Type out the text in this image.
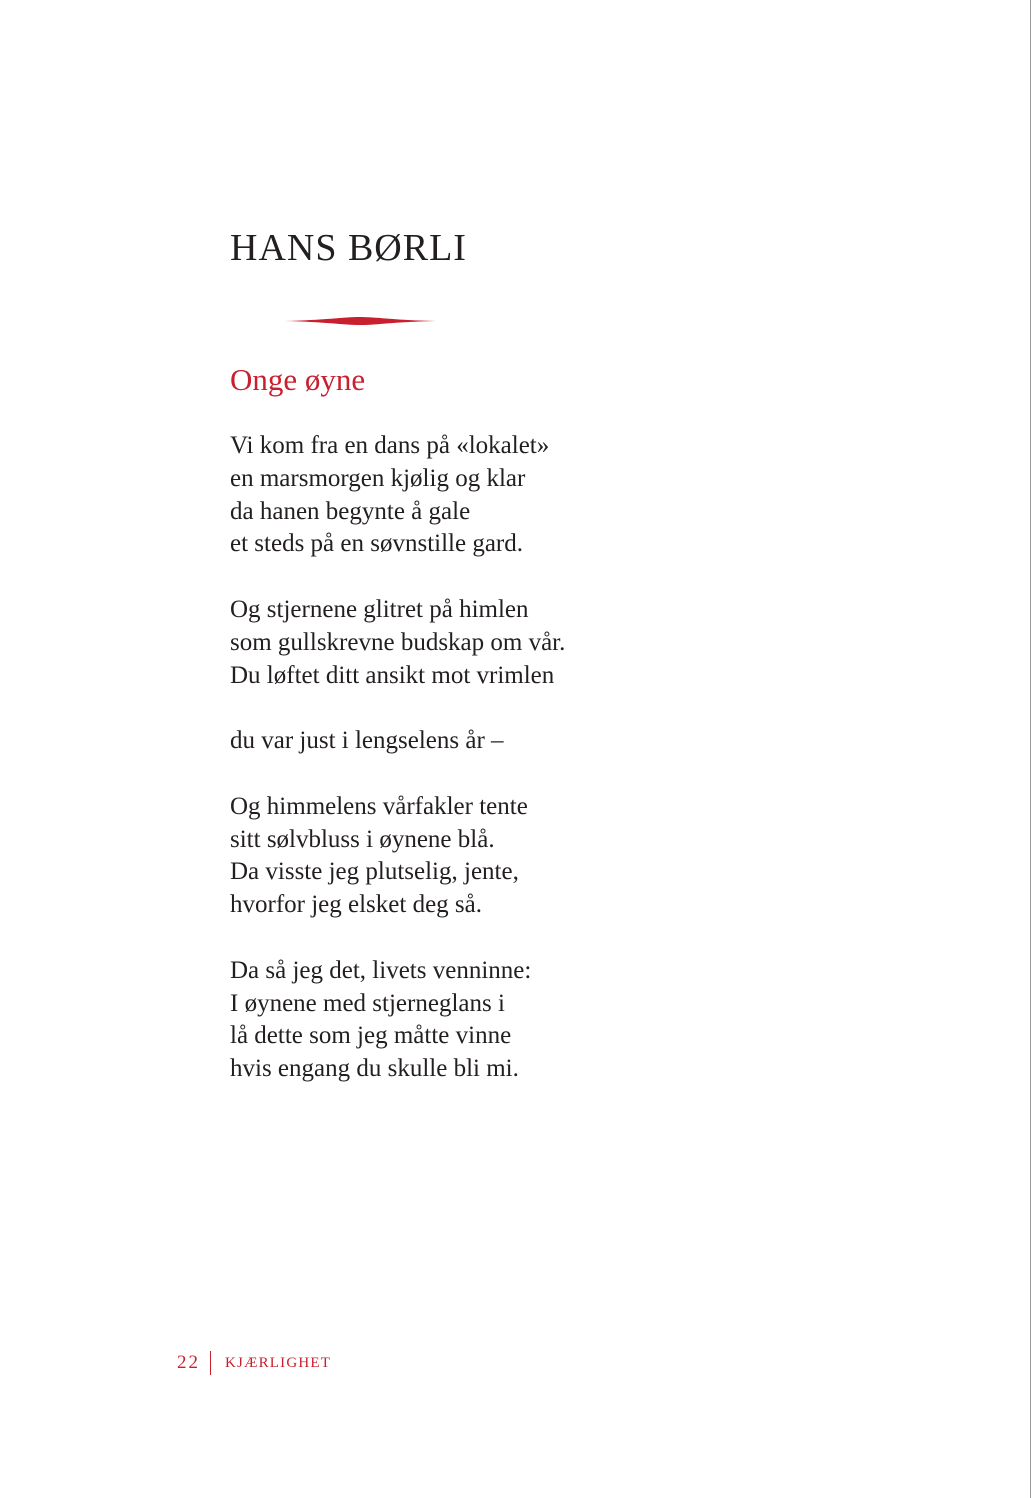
HANS BØRLI
Onge øyne

Vi kom fra en dans på «lokalet»
en marsmorgen kjølig og klar
da hanen begynte å gale
et steds på en søvnstille gard.

Og stjernene glitret på himlen
som gullskrevne budskap om vår.
Du løftet ditt ansikt mot vrimlen

du var just i lengselens år –

Og himmelens vårfakler tente
sitt sølvbluss i øynene blå.
Da visste jeg plutselig, jente,
hvorfor jeg elsket deg så.

Da så jeg det, livets venninne:
I øynene med stjerneglans i
lå dette som jeg måtte vinne
hvis engang du skulle bli mi.

22 KJÆRLIGHET
